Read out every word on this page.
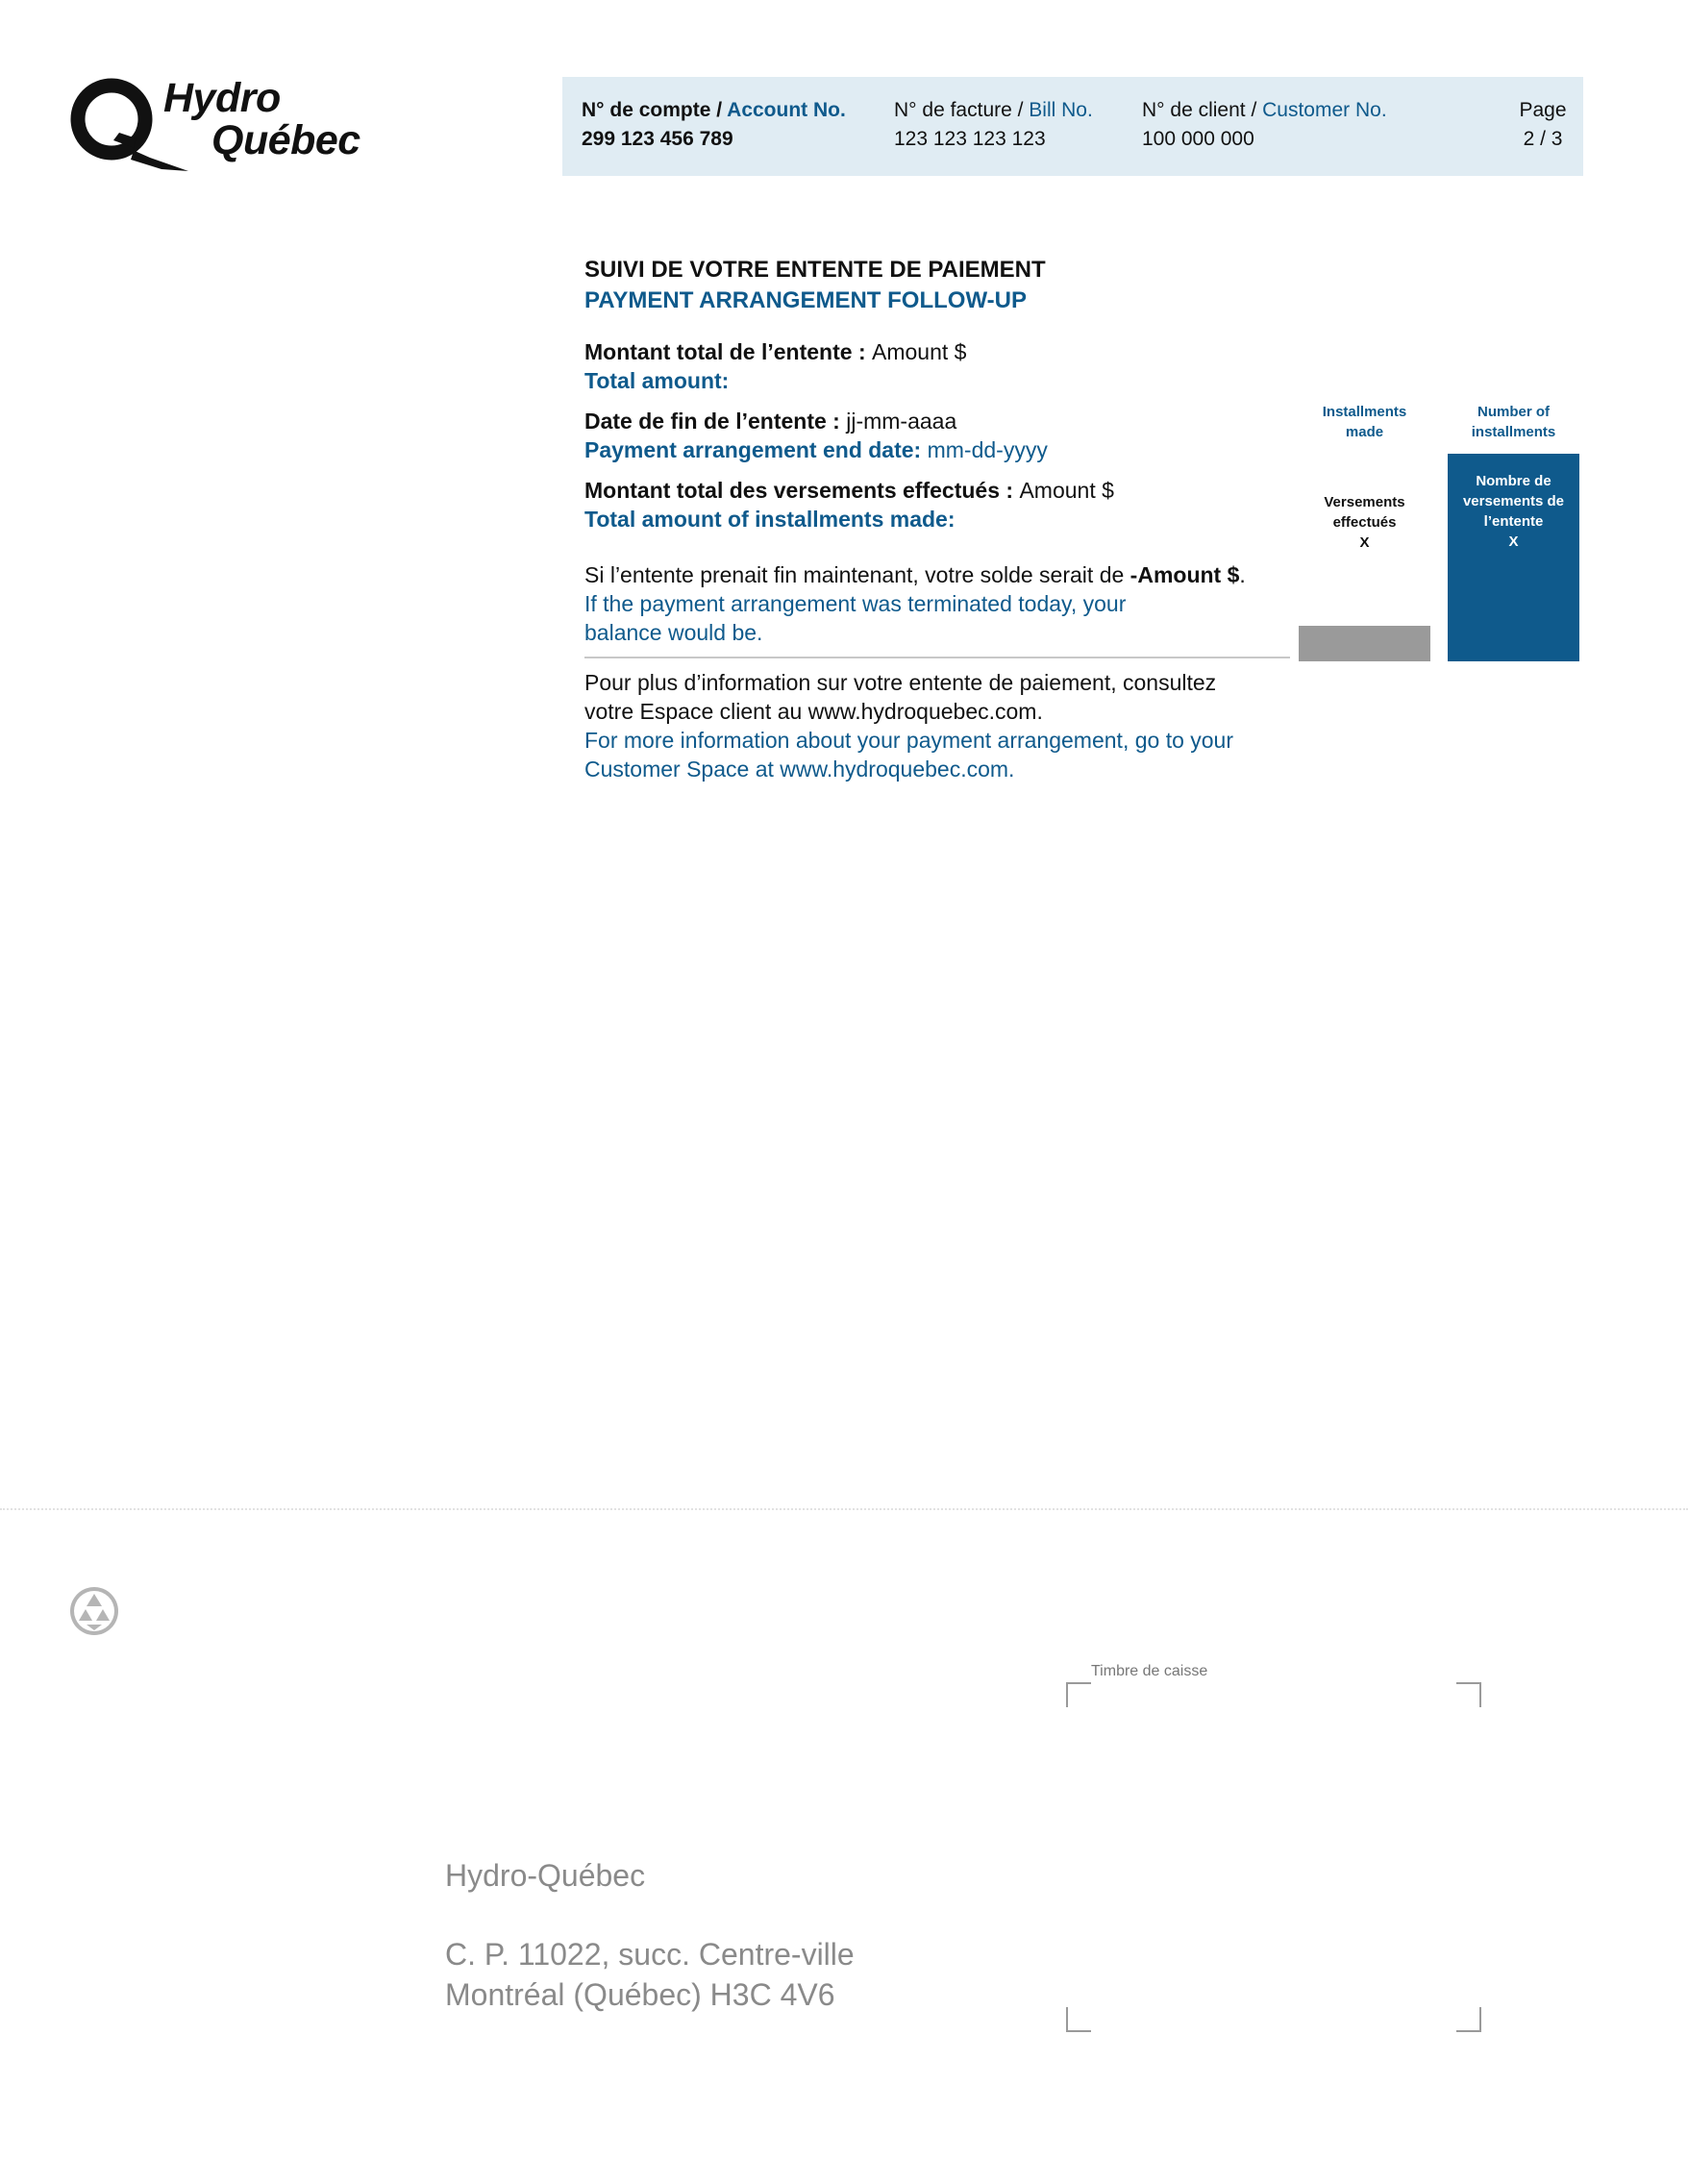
Hydro
Québec
N° de compte / Account No.
299 123 456 789
N° de facture / Bill No.
123 123 123 123
N° de client / Customer No.
100 000 000
Page
2 / 3
SUIVI DE VOTRE ENTENTE DE PAIEMENT
PAYMENT ARRANGEMENT FOLLOW-UP
Montant total de l’entente : Amount $
Total amount:
Date de fin de l’entente : jj-mm-aaaa
Payment arrangement end date: mm-dd-yyyy
Montant total des versements effectués : Amount $
Total amount of installments made:
Si l’entente prenait fin maintenant, votre solde serait de -Amount $.
If the payment arrangement was terminated today, your
balance would be.
Pour plus d’information sur votre entente de paiement, consultez
votre Espace client au www.hydroquebec.com.
For more information about your payment arrangement, go to your
Customer Space at www.hydroquebec.com.
Installments
made
Number of
installments
Versements
effectués
X
Nombre de
versements de
l’entente
X
Timbre de caisse
Hydro-Québec
C. P. 11022, succ. Centre-ville
Montréal (Québec) H3C 4V6
